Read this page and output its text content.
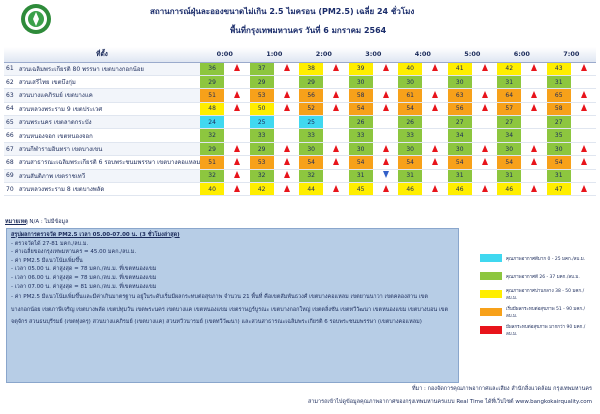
สถานการณ์ฝุ่นละอองขนาดไม่เกิน 2.5 ไมครอน (PM2.5) เฉลี่ย 24 ชั่วโมง
พื้นที่กรุงเทพมหานคร วันที่ 6 มกราคม 2564
ที่ตั้ง		0:00		1:00		2:00		3:00		4:00		5:00		6:00		7:00	
61	สวนเฉลิมพระเกียรติ 80 พรรษา เขตบางกอกน้อย	36		37		38		39		40		41		42		43	
62	สวนเสรีไทย เขตบึงกุ่ม	29		29		29		30		30		30		31		31	
63	สวนบางแคภิรมย์ เขตบางแค	51		53		56		58		61		63		64		65	
64	สวนหลวงพระราม 9 เขตประเวศ	48		50		52		54		54		56		57		58	
65	สวนพระนคร เขตลาดกระบัง	24		25		25		26		26		27		27		27	
66	สวนหนองจอก เขตหนองจอก	32		33		33		33		33		34		34		35	
67	สวนกีฬารามอินทรา เขตบางเขน	29		29		30		30		30		30		30		30	
68	สวนสาธารณะเฉลิมพระเกียรติ 6 รอบพระชนมพรรษา เขตบางคอแหลม	51		53		54		54		54		54		54		54	
69	สวนสันติภาพ เขตราชเทวี	32		32		32		31		31		31		31		31	
70	สวนหลวงพระราม 8 เขตบางพลัด	40		42		44		45		46		46		46		47	
หมายเหตุ N/A : ไม่มีข้อมูล
สรุปผลการตรวจวัด PM2.5 เวลา 05.00-07.00 น. (3 ชั่วโมงล่าสุด)
- ตรวจวัดได้ 27-81 มคก./ลบ.ม.
- ค่าเฉลี่ยของกรุงเทพมหานคร = 45.00 มคก./ลบ.ม.
- ค่า PM2.5 มีแนวโน้มเพิ่มขึ้น
- เวลา 05.00 น. ค่าสูงสุด = 78 มคก./ลบ.ม. ที่เขตหนองแขม
- เวลา 06.00 น. ค่าสูงสุด = 78 มคก./ลบ.ม. ที่เขตหนองแขม
- เวลา 07.00 น. ค่าสูงสุด = 81 มคก./ลบ.ม. ที่เขตหนองแขม
- ค่า PM2.5 มีแนวโน้มเพิ่มขึ้นและมีค่าเกินมาตรฐาน อยู่ในระดับเริ่มมีผลกระทบต่อสุขภาพ จำนวน 21 พื้นที่ คือเขตสัมพันธวงศ์ เขตบางคอแหลม เขตยานนาวา เขตคลองสาน เขตบางกอกน้อย เขตภาษีเจริญ เขตบางพลัด เขตปทุมวัน เขตพระนคร เขตบางแค เขตหนองแขม เขตราษฎร์บูรณะ เขตบางกอกใหญ่ เขตตลิ่งชัน เขตทวีวัฒนา เขตหนองแขม เขตบางบอน เขตจตุจักร สวนธนบุรีรมย์ (เขตทุ่งครุ) สวนบางแคภิรมย์ (เขตบางแค) สวนทวีวนารมย์ (เขตทวีวัฒนา) และสวนสาธารณะเฉลิมพระเกียรติ 6 รอบพระชนมพรรษา (เขตบางคอแหลม)
คุณภาพอากาศดีมาก 0 - 25 มคก./ลบ.ม.
คุณภาพอากาศดี 26 - 37 มคก./ลบ.ม.
คุณภาพอากาศปานกลาง 38 - 50 มคก./ลบ.ม.
เริ่มมีผลกระทบต่อสุขภาพ 51 - 90 มคก./ลบ.ม.
มีผลกระทบต่อสุขภาพ มากกว่า 90 มคก./ลบ.ม.
ที่มา : กองจัดการคุณภาพอากาศและเสียง สำนักสิ่งแวดล้อม กรุงเทพมหานคร
สามารถเข้าไปดูข้อมูลคุณภาพอากาศของกรุงเทพมหานครแบบ Real Time ได้ที่เว็บไซต์ www.bangkokairquality.com
